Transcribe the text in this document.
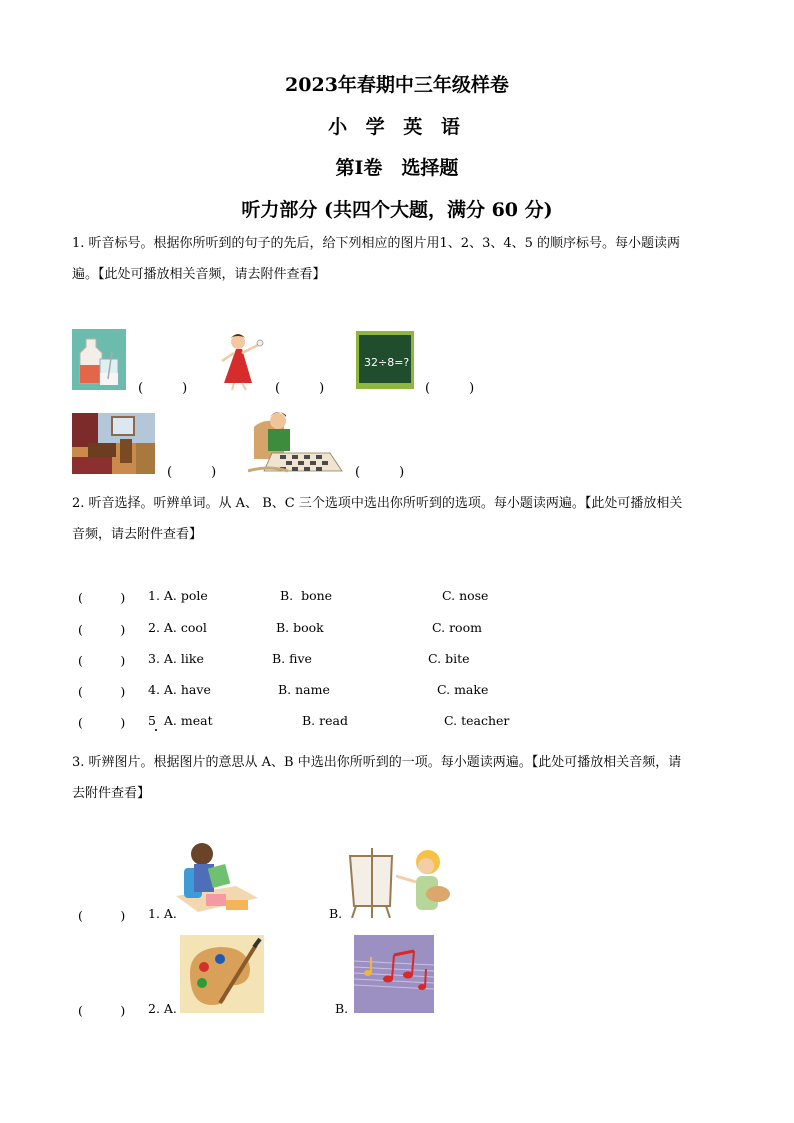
2023年春期中三年级样卷
小 学 英 语
第Ⅰ卷　选择题
听力部分 (共四个大题，满分 60 分)
1. 听音标号。根据你所听到的句子的先后，给下列相应的图片用1、2、3、4、5 的顺序标号。每小题读两
遍。【此处可播放相关音频，请去附件查看】
(　　　)	(　　　)
32÷8=?
(　　　)
(　　　)	(　　　)
2. 听音选择。听辨单词。从 A、 B、C 三个选项中选出你所听到的选项。每小题读两遍。【此处可播放相关
音频，请去附件查看】
(　　　) 1. A. pole	B.  bone	C. nose
(　　　) 2. A. cool	B. book	C. room
(　　　) 3. A. like	B. five	C. bite
(　　　) 4. A. have	B. name	C. make
(　　　) 5  A. meat	B. read	C. teacher
3. 听辨图片。根据图片的意思从 A、B 中选出你所听到的一项。每小题读两遍。【此处可播放相关音频，请
去附件查看】
(　　　) 1. A.	B.
(　　　) 2. A.	B.
